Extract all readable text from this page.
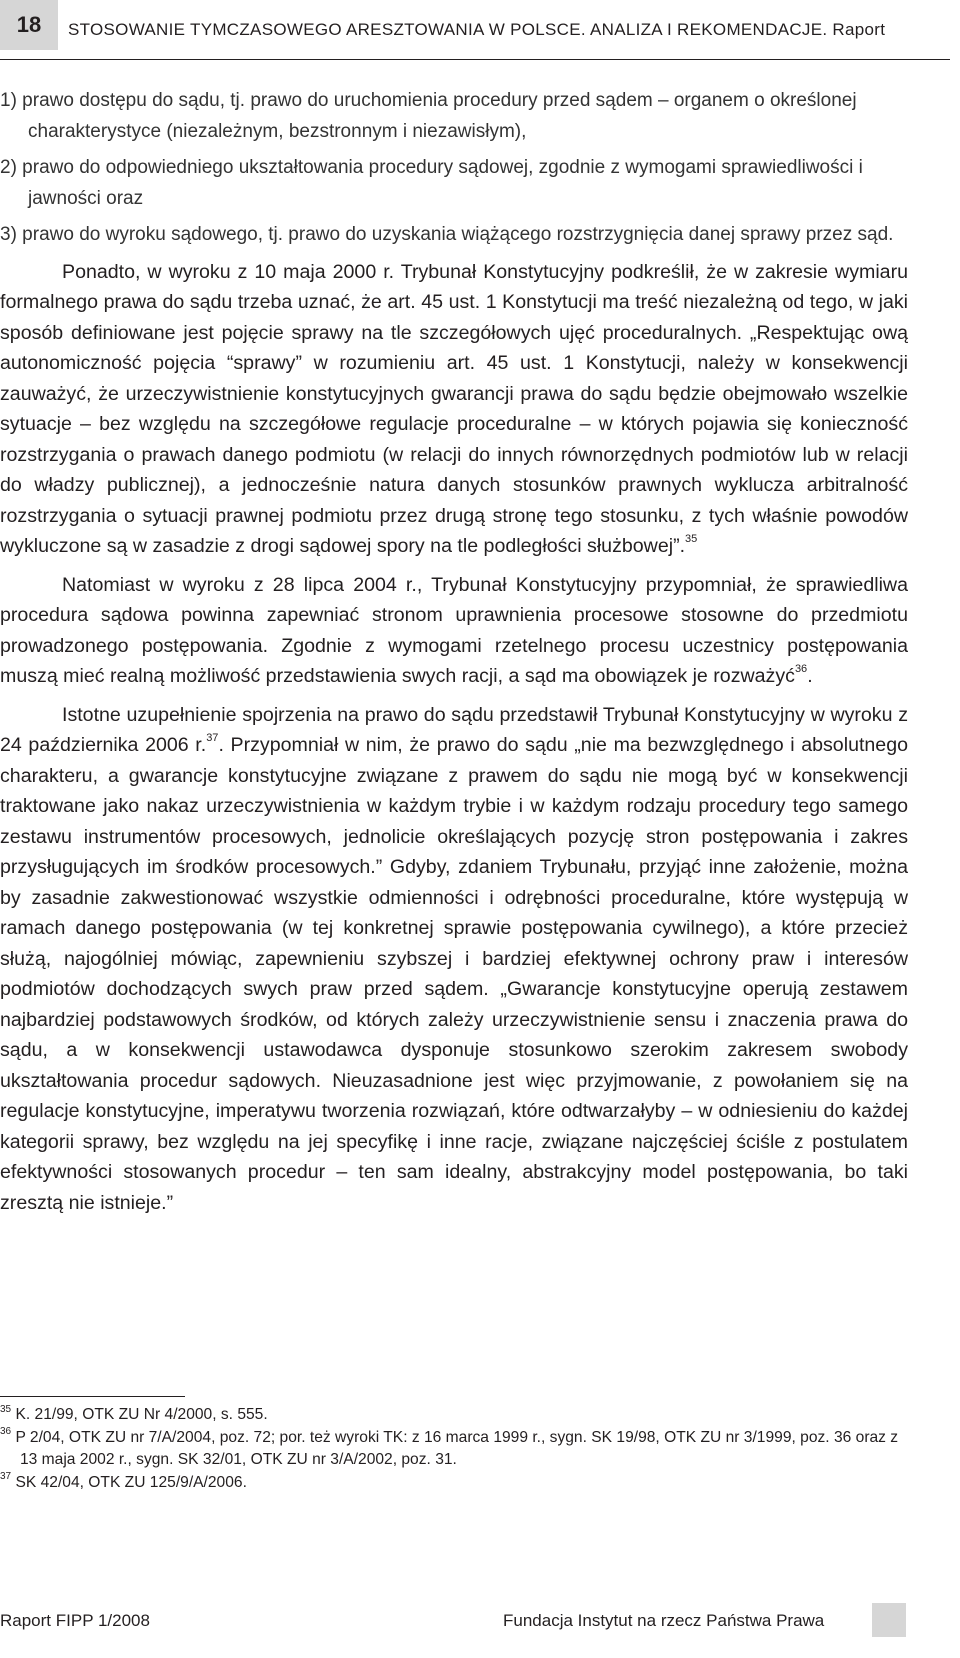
18 STOSOWANIE TYMCZASOWEGO ARESZTOWANIA W POLSCE. ANALIZA I REKOMENDACJE. Raport

1) prawo dostępu do sądu, tj. prawo do uruchomienia procedury przed sądem – organem o określonej charakterystyce (niezależnym, bezstronnym i niezawisłym),

2) prawo do odpowiedniego ukształtowania procedury sądowej, zgodnie z wymogami sprawiedliwości i jawności oraz

3) prawo do wyroku sądowego, tj. prawo do uzyskania wiążącego rozstrzygnięcia danej sprawy przez sąd.

Ponadto, w wyroku z 10 maja 2000 r. Trybunał Konstytucyjny podkreślił, że w zakresie wymiaru formalnego prawa do sądu trzeba uznać, że art. 45 ust. 1 Konstytucji ma treść niezależną od tego, w jaki sposób definiowane jest pojęcie sprawy na tle szczegółowych ujęć proceduralnych. „Respektując ową autonomiczność pojęcia “sprawy” w rozumieniu art. 45 ust. 1 Konstytucji, należy w konsekwencji zauważyć, że urzeczywistnienie konstytucyjnych gwarancji prawa do sądu będzie obejmowało wszelkie sytuacje – bez względu na szczegółowe regulacje proceduralne – w których pojawia się konieczność rozstrzygania o prawach danego podmiotu (w relacji do innych równorzędnych podmiotów lub w relacji do władzy publicznej), a jednocześnie natura danych stosunków prawnych wyklucza arbitralność rozstrzygania o sytuacji prawnej podmiotu przez drugą stronę tego stosunku, z tych właśnie powodów wykluczone są w zasadzie z drogi sądowej spory na tle podległości służbowej”.$^{35}$

Natomiast w wyroku z 28 lipca 2004 r., Trybunał Konstytucyjny przypomniał, że sprawiedliwa procedura sądowa powinna zapewniać stronom uprawnienia procesowe stosowne do przedmiotu prowadzonego postępowania. Zgodnie z wymogami rzetelnego procesu uczestnicy postępowania muszą mieć realną możliwość przedstawienia swych racji, a sąd ma obowiązek je rozważyć$^{36}$.

Istotne uzupełnienie spojrzenia na prawo do sądu przedstawił Trybunał Konstytucyjny w wyroku z 24 października 2006 r.$^{37}$. Przypomniał w nim, że prawo do sądu „nie ma bezwzględnego i absolutnego charakteru, a gwarancje konstytucyjne związane z prawem do sądu nie mogą być w konsekwencji traktowane jako nakaz urzeczywistnienia w każdym trybie i w każdym rodzaju procedury tego samego zestawu instrumentów procesowych, jednolicie określających pozycję stron postępowania i zakres przysługujących im środków procesowych.” Gdyby, zdaniem Trybunału, przyjąć inne założenie, można by zasadnie zakwestionować wszystkie odmienności i odrębności proceduralne, które występują w ramach danego postępowania (w tej konkretnej sprawie postępowania cywilnego), a które przecież służą, najogólniej mówiąc, zapewnieniu szybszej i bardziej efektywnej ochrony praw i interesów podmiotów dochodzących swych praw przed sądem. „Gwarancje konstytucyjne operują zestawem najbardziej podstawowych środków, od których zależy urzeczywistnienie sensu i znaczenia prawa do sądu, a w konsekwencji ustawodawca dysponuje stosunkowo szerokim zakresem swobody ukształtowania procedur sądowych. Nieuzasadnione jest więc przyjmowanie, z powołaniem się na regulacje konstytucyjne, imperatywu tworzenia rozwiązań, które odtwarzałyby – w odniesieniu do każdej kategorii sprawy, bez względu na jej specyfikę i inne racje, związane najczęściej ściśle z postulatem efektywności stosowanych procedur – ten sam idealny, abstrakcyjny model postępowania, bo taki zresztą nie istnieje.”

$^{35}$ K. 21/99, OTK ZU Nr 4/2000, s. 555.

$^{36}$ P 2/04, OTK ZU nr 7/A/2004, poz. 72; por. też wyroki TK: z 16 marca 1999 r., sygn. SK 19/98, OTK ZU nr 3/1999, poz. 36 oraz z 13 maja 2002 r., sygn. SK 32/01, OTK ZU nr 3/A/2002, poz. 31.

$^{37}$ SK 42/04, OTK ZU 125/9/A/2006.

Raport FIPP 1/2008	Fundacja Instytut na rzecz Państwa Prawa
